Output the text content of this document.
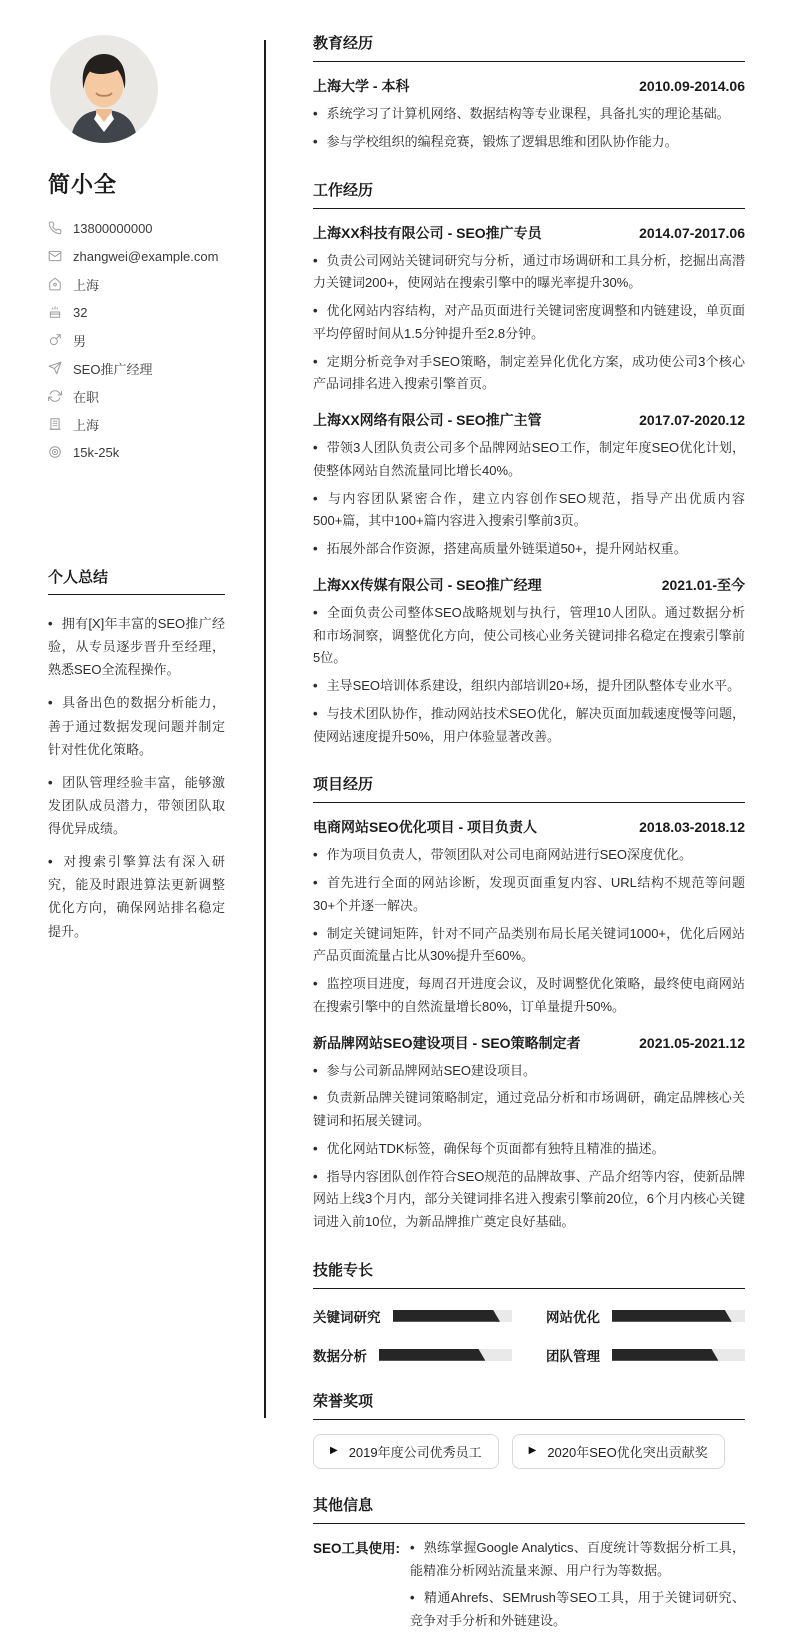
简小全
13800000000
zhangwei@example.com
上海
32
男
SEO推广经理
在职
上海
15k-25k
个人总结

• 拥有[X]年丰富的SEO推广经验，从专员逐步晋升至经理，熟悉SEO全流程操作。

• 具备出色的数据分析能力，善于通过数据发现问题并制定针对性优化策略。

• 团队管理经验丰富，能够激发团队成员潜力，带领团队取得优异成绩。

• 对搜索引擎算法有深入研究，能及时跟进算法更新调整优化方向，确保网站排名稳定提升。

教育经历
上海大学 - 本科	2010.09-2014.06

• 系统学习了计算机网络、数据结构等专业课程，具备扎实的理论基础。

• 参与学校组织的编程竞赛，锻炼了逻辑思维和团队协作能力。

工作经历
上海XX科技有限公司 - SEO推广专员	2014.07-2017.06

• 负责公司网站关键词研究与分析，通过市场调研和工具分析，挖掘出高潜力关键词200+，使网站在搜索引擎中的曝光率提升30%。

• 优化网站内容结构，对产品页面进行关键词密度调整和内链建设，单页面平均停留时间从1.5分钟提升至2.8分钟。

• 定期分析竞争对手SEO策略，制定差异化优化方案，成功使公司3个核心产品词排名进入搜索引擎首页。

上海XX网络有限公司 - SEO推广主管	2017.07-2020.12

• 带领3人团队负责公司多个品牌网站SEO工作，制定年度SEO优化计划，使整体网站自然流量同比增长40%。

• 与内容团队紧密合作，建立内容创作SEO规范，指导产出优质内容500+篇，其中100+篇内容进入搜索引擎前3页。

• 拓展外部合作资源，搭建高质量外链渠道50+，提升网站权重。

上海XX传媒有限公司 - SEO推广经理	2021.01-至今

• 全面负责公司整体SEO战略规划与执行，管理10人团队。通过数据分析和市场洞察，调整优化方向，使公司核心业务关键词排名稳定在搜索引擎前5位。

• 主导SEO培训体系建设，组织内部培训20+场，提升团队整体专业水平。

• 与技术团队协作，推动网站技术SEO优化，解决页面加载速度慢等问题，使网站速度提升50%，用户体验显著改善。

项目经历
电商网站SEO优化项目 - 项目负责人	2018.03-2018.12

• 作为项目负责人，带领团队对公司电商网站进行SEO深度优化。

• 首先进行全面的网站诊断，发现页面重复内容、URL结构不规范等问题30+个并逐一解决。

• 制定关键词矩阵，针对不同产品类别布局长尾关键词1000+，优化后网站产品页面流量占比从30%提升至60%。

• 监控项目进度，每周召开进度会议，及时调整优化策略，最终使电商网站在搜索引擎中的自然流量增长80%，订单量提升50%。

新品牌网站SEO建设项目 - SEO策略制定者	2021.05-2021.12

• 参与公司新品牌网站SEO建设项目。

• 负责新品牌关键词策略制定，通过竞品分析和市场调研，确定品牌核心关键词和拓展关键词。

• 优化网站TDK标签，确保每个页面都有独特且精准的描述。

• 指导内容团队创作符合SEO规范的品牌故事、产品介绍等内容，使新品牌网站上线3个月内，部分关键词排名进入搜索引擎前20位，6个月内核心关键词进入前10位，为新品牌推广奠定良好基础。

技能专长
关键词研究	网站优化
数据分析	团队管理
荣誉奖项
▶ 2019年度公司优秀员工	▶ 2020年SEO优化突出贡献奖
其他信息
SEO工具使用: • 熟练掌握Google Analytics、百度统计等数据分析工具，能精准分析网站流量来源、用户行为等数据。

• 精通Ahrefs、SEMrush等SEO工具，用于关键词研究、竞争对手分析和外链建设。
